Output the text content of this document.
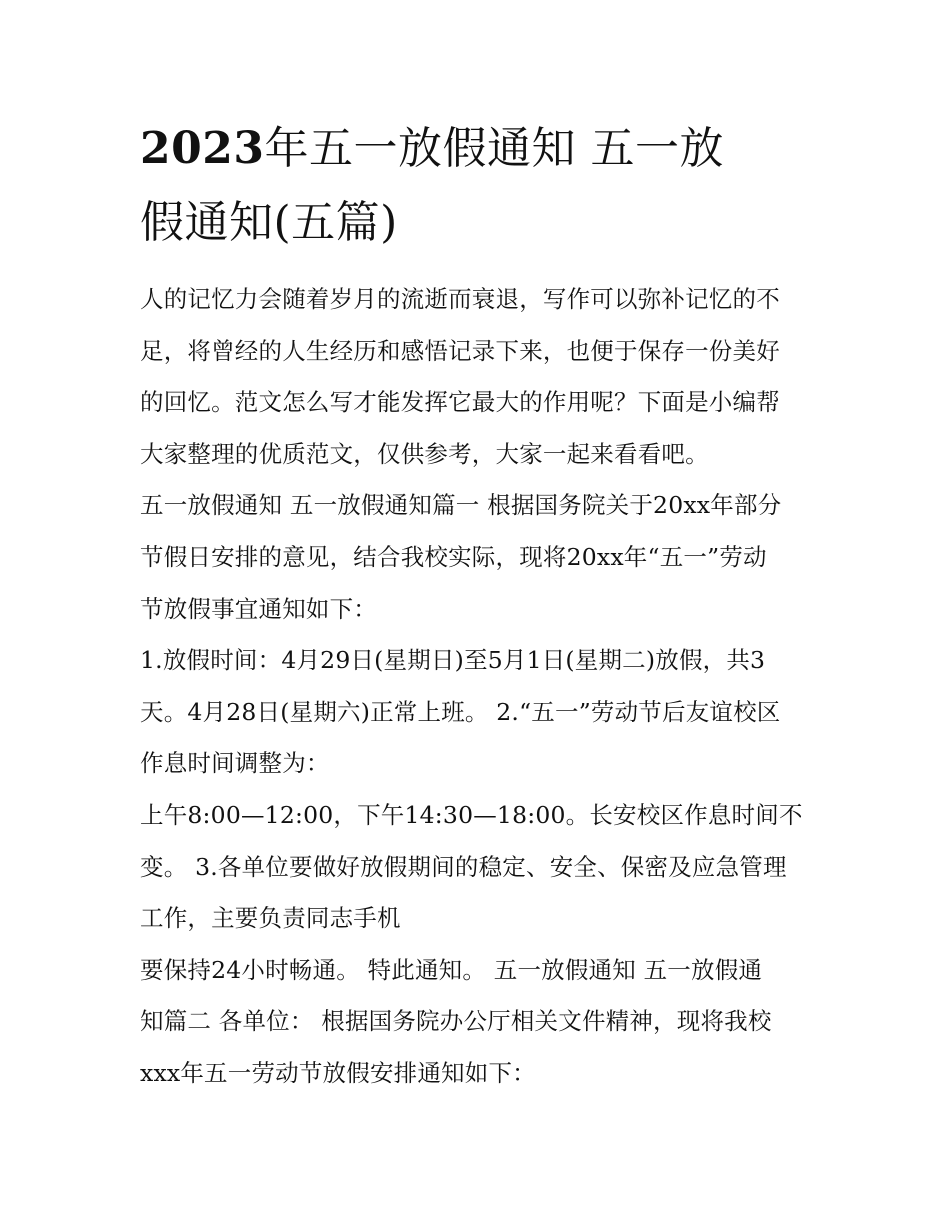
2023年五一放假通知 五一放
假通知(五篇)
人的记忆力会随着岁月的流逝而衰退，写作可以弥补记忆的不
足，将曾经的人生经历和感悟记录下来，也便于保存一份美好
的回忆。范文怎么写才能发挥它最大的作用呢？下面是小编帮
大家整理的优质范文，仅供参考，大家一起来看看吧。
五一放假通知 五一放假通知篇一 根据国务院关于20xx年部分
节假日安排的意见，结合我校实际，现将20xx年“五一”劳动
节放假事宜通知如下：
1.放假时间：4月29日(星期日)至5月1日(星期二)放假，共3
天。4月28日(星期六)正常上班。 2.“五一”劳动节后友谊校区
作息时间调整为：
上午8:00—12:00，下午14:30—18:00。长安校区作息时间不
变。 3.各单位要做好放假期间的稳定、安全、保密及应急管理
工作，主要负责同志手机
要保持24小时畅通。 特此通知。 五一放假通知 五一放假通
知篇二 各单位： 根据国务院办公厅相关文件精神，现将我校
xxx年五一劳动节放假安排通知如下：
